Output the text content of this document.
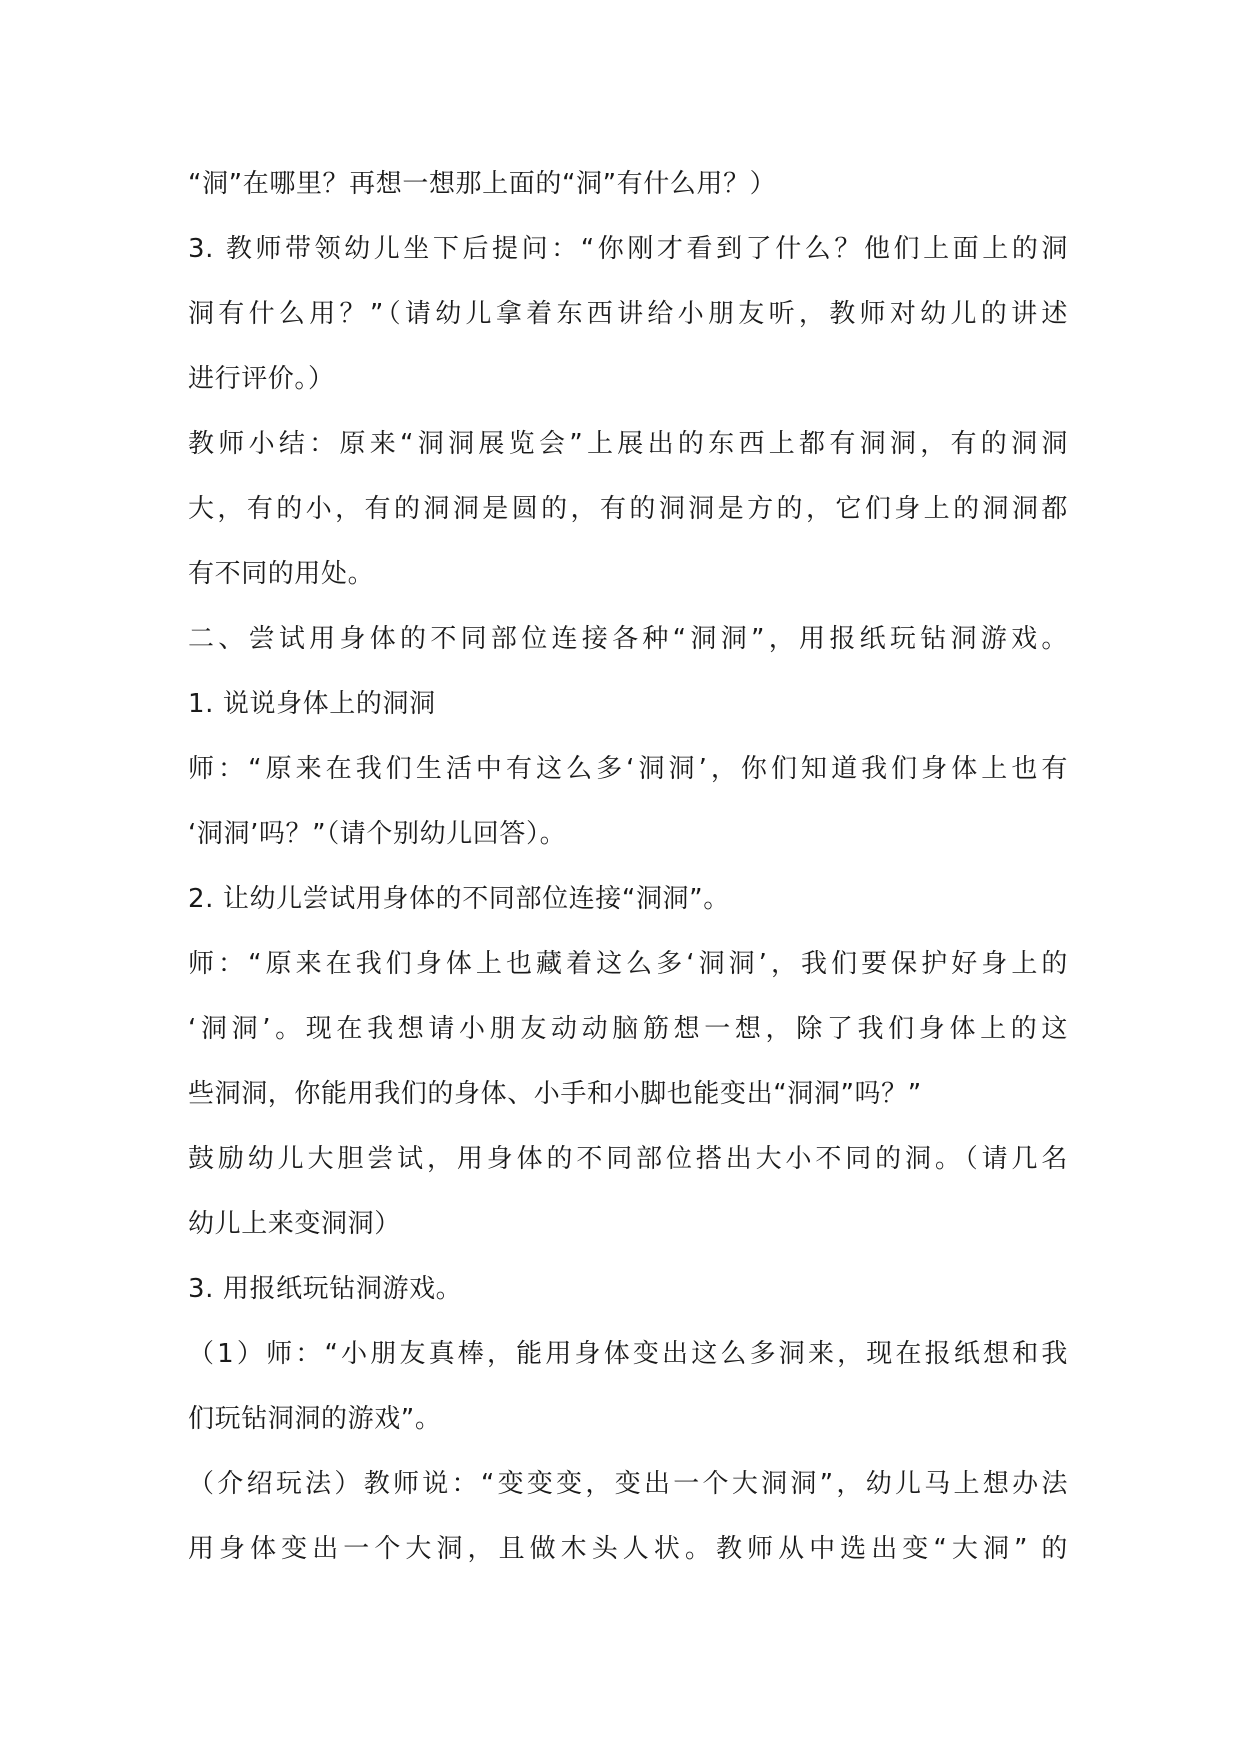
“洞”在哪里？再想一想那上面的“洞”有什么用？）
3. 教师带领幼儿坐下后提问：“你刚才看到了什么？他们上面上的洞
洞有什么用？”（请幼儿拿着东西讲给小朋友听，教师对幼儿的讲述
进行评价。）
教师小结：原来“洞洞展览会”上展出的东西上都有洞洞，有的洞洞
大，有的小，有的洞洞是圆的，有的洞洞是方的，它们身上的洞洞都
有不同的用处。
二、尝试用身体的不同部位连接各种“洞洞”，用报纸玩钻洞游戏。
1. 说说身体上的洞洞
师：“原来在我们生活中有这么多‘洞洞’，你们知道我们身体上也有
‘洞洞’吗？”（请个别幼儿回答）。
2. 让幼儿尝试用身体的不同部位连接“洞洞”。
师：“原来在我们身体上也藏着这么多‘洞洞’，我们要保护好身上的
‘洞洞’。现在我想请小朋友动动脑筋想一想，除了我们身体上的这
些洞洞，你能用我们的身体、小手和小脚也能变出“洞洞”吗？”
鼓励幼儿大胆尝试，用身体的不同部位搭出大小不同的洞。（请几名
幼儿上来变洞洞）
3. 用报纸玩钻洞游戏。
（1）师：“小朋友真棒，能用身体变出这么多洞来，现在报纸想和我
们玩钻洞洞的游戏”。
（介绍玩法）教师说：“变变变，变出一个大洞洞”，幼儿马上想办法
用身体变出一个大洞，且做木头人状。教师从中选出变“大洞” 的
